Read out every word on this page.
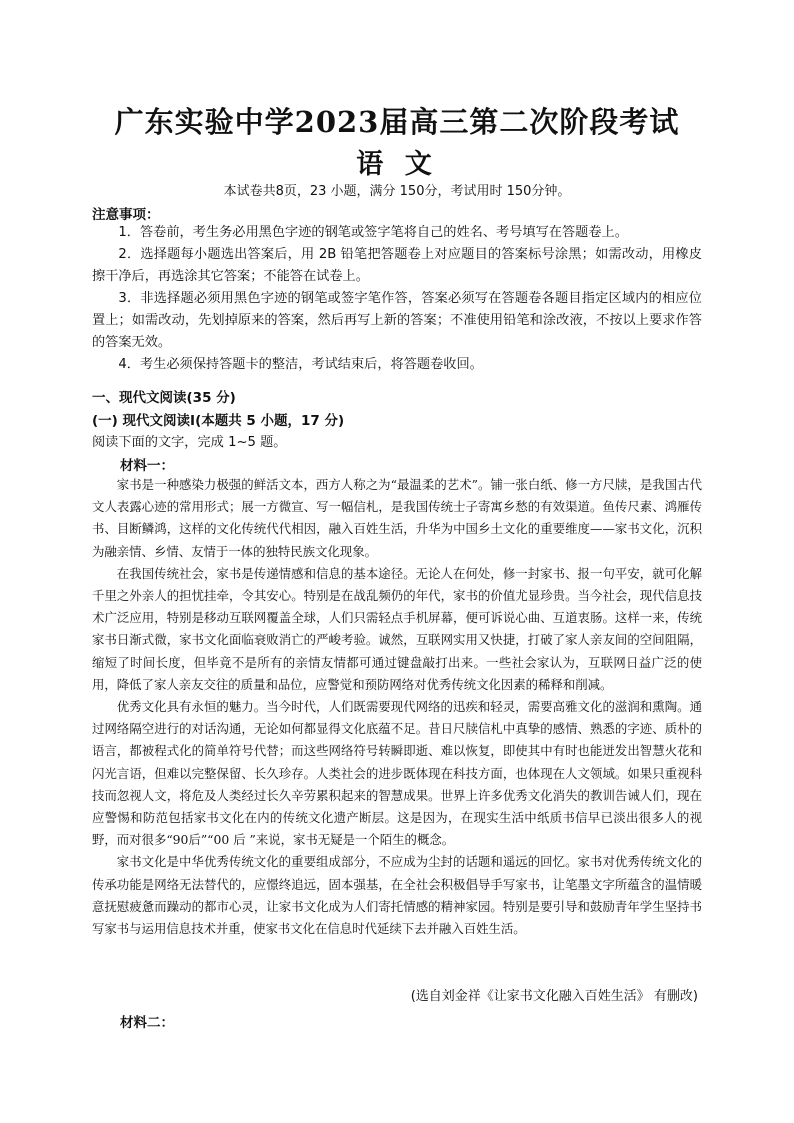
广东实验中学2023届高三第二次阶段考试
语 文
本试卷共8页，23 小题，满分 150分，考试用时 150分钟。
注意事项：

1．答卷前，考生务必用黑色字迹的钢笔或签字笔将自己的姓名、考号填写在答题卷上。

2．选择题每小题选出答案后，用 2B 铅笔把答题卷上对应题目的答案标号涂黑；如需改动，用橡皮擦干净后，再选涂其它答案；不能答在试卷上。

3．非选择题必须用黑色字迹的钢笔或签字笔作答，答案必须写在答题卷各题目指定区域内的相应位置上；如需改动，先划掉原来的答案，然后再写上新的答案；不准使用铅笔和涂改液，不按以上要求作答的答案无效。

4．考生必须保持答题卡的整洁，考试结束后，将答题卷收回。

一、现代文阅读(35 分)
(一) 现代文阅读Ⅰ(本题共 5 小题，17 分)
阅读下面的文字，完成 1~5 题。
材料一：

家书是一种感染力极强的鲜活文本，西方人称之为“最温柔的艺术”。铺一张白纸、修一方尺牍，是我国古代文人表露心迹的常用形式；展一方微宣、写一幅信札，是我国传统士子寄寓乡愁的有效渠道。鱼传尺素、鸿雁传书、目断鳞鸿，这样的文化传统代代相因，融入百姓生活，升华为中国乡土文化的重要维度——家书文化，沉积为融亲情、乡情、友情于一体的独特民族文化现象。

在我国传统社会，家书是传递情感和信息的基本途径。无论人在何处，修一封家书、报一句平安，就可化解千里之外亲人的担忧挂牵，令其安心。特别是在战乱频仍的年代，家书的价值尤显珍贵。当今社会，现代信息技术广泛应用，特别是移动互联网覆盖全球，人们只需轻点手机屏幕，便可诉说心曲、互道衷肠。这样一来，传统家书日渐式微，家书文化面临衰败消亡的严峻考验。诚然，互联网实用又快捷，打破了家人亲友间的空间阻隔，缩短了时间长度，但毕竟不是所有的亲情友情都可通过键盘敲打出来。一些社会家认为，互联网日益广泛的使用，降低了家人亲友交往的质量和品位，应警觉和预防网络对优秀传统文化因素的稀释和削减。

优秀文化具有永恒的魅力。当今时代，人们既需要现代网络的迅疾和轻灵，需要高雅文化的滋润和熏陶。通过网络隔空进行的对话沟通，无论如何都显得文化底蕴不足。昔日尺牍信札中真挚的感情、熟悉的字迹、质朴的语言，都被程式化的简单符号代替；而这些网络符号转瞬即逝、难以恢复，即使其中有时也能迸发出智慧火花和闪光言语，但难以完整保留、长久珍存。人类社会的进步既体现在科技方面，也体现在人文领域。如果只重视科技而忽视人文，将危及人类经过长久辛劳累积起来的智慧成果。世界上许多优秀文化消失的教训告诫人们，现在应警惕和防范包括家书文化在内的传统文化遗产断层。这是因为，在现实生活中纸质书信早已淡出很多人的视野，而对很多“90后”“00 后 ”来说，家书无疑是一个陌生的概念。

家书文化是中华优秀传统文化的重要组成部分，不应成为尘封的话题和遥远的回忆。家书对优秀传统文化的传承功能是网络无法替代的，应憬终追远，固本强基，在全社会积极倡导手写家书，让笔墨文字所蕴含的温情暖意抚慰疲惫而躁动的都市心灵，让家书文化成为人们寄托情感的精神家园。特别是要引导和鼓励青年学生坚持书写家书与运用信息技术并重，使家书文化在信息时代延续下去并融入百姓生活。

(选自刘金祥《让家书文化融入百姓生活》 有删改)
材料二：
